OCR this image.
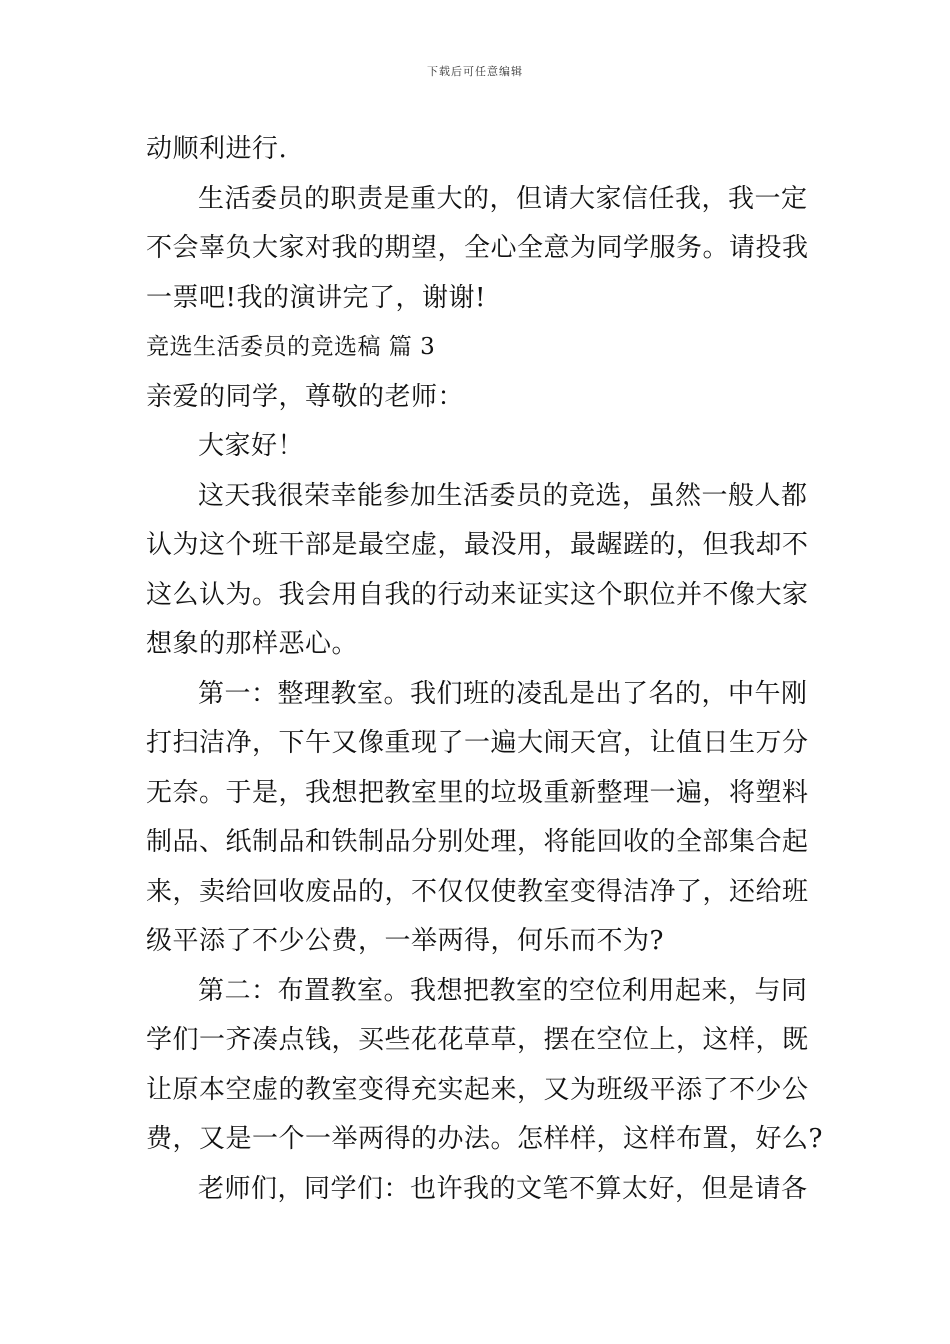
下载后可任意编辑
动顺利进行.
生活委员的职责是重大的，但请大家信任我，我一定
不会辜负大家对我的期望，全心全意为同学服务。请投我
一票吧!我的演讲完了，谢谢!
竞选生活委员的竞选稿 篇 3
亲爱的同学，尊敬的老师：
大家好！
这天我很荣幸能参加生活委员的竞选，虽然一般人都
认为这个班干部是最空虚，最没用，最龌蹉的，但我却不
这么认为。我会用自我的行动来证实这个职位并不像大家
想象的那样恶心。
第一：整理教室。我们班的凌乱是出了名的，中午刚
打扫洁净，下午又像重现了一遍大闹天宫，让值日生万分
无奈。于是，我想把教室里的垃圾重新整理一遍，将塑料
制品、纸制品和铁制品分别处理，将能回收的全部集合起
来，卖给回收废品的，不仅仅使教室变得洁净了，还给班
级平添了不少公费，一举两得，何乐而不为?
第二：布置教室。我想把教室的空位利用起来，与同
学们一齐凑点钱，买些花花草草，摆在空位上，这样，既
让原本空虚的教室变得充实起来，又为班级平添了不少公
费，又是一个一举两得的办法。怎样样，这样布置，好么?
老师们，同学们：也许我的文笔不算太好，但是请各
